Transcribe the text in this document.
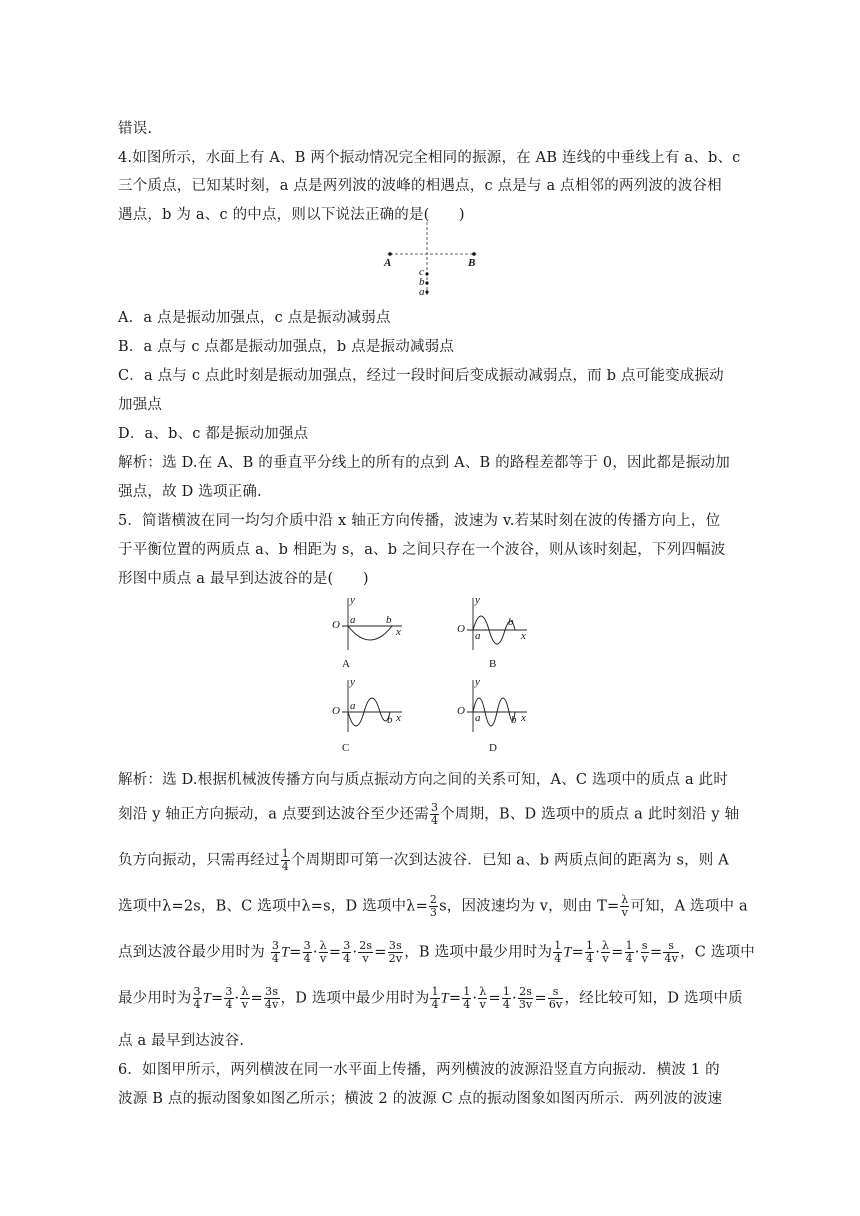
错误.
4.如图所示，水面上有 A、B 两个振动情况完全相同的振源，在 AB 连线的中垂线上有 a、b、c
三个质点，已知某时刻，a 点是两列波的波峰的相遇点，c 点是与 a 点相邻的两列波的波谷相
遇点，b 为 a、c 的中点，则以下说法正确的是(　　)
A	B
c
b
a
A．a 点是振动加强点，c 点是振动减弱点
B．a 点与 c 点都是振动加强点，b 点是振动减弱点
C．a 点与 c 点此时刻是振动加强点，经过一段时间后变成振动减弱点，而 b 点可能变成振动
加强点
D．a、b、c 都是振动加强点
解析：选 D.在 A、B 的垂直平分线上的所有的点到 A、B 的路程差都等于 0，因此都是振动加
强点，故 D 选项正确.
5．简谐横波在同一均匀介质中沿 x 轴正方向传播，波速为 v.若某时刻在波的传播方向上，位
于平衡位置的两质点 a、b 相距为 s，a、b 之间只存在一个波谷，则从该时刻起，下列四幅波
形图中质点 a 最早到达波谷的是(　　)
O
y
x
a	b
A
O
y
x
a
b
B
O
y
x
a
b
C
O
y
x
a	b
D
解析：选 D.根据机械波传播方向与质点振动方向之间的关系可知，A、C 选项中的质点 a 此时
刻沿 y 轴正方向振动，a 点要到达波谷至少还需 $\frac{3}{4}$ 个周期，B、D 选项中的质点 a 此时刻沿 y 轴
负方向振动，只需再经过 $\frac{1}{4}$ 个周期即可第一次到达波谷．已知 a、b 两质点间的距离为 s，则 A
选项中λ=2s，B、C 选项中λ=s，D 选项中$\lambda= \frac{2}{3}$ s，因波速均为 v，则由 $T= \frac{\lambda}{v}$ 可知，A 选项中 a
点到达波谷最少用时为 $\frac{3}{4} T= \frac{3}{4} \cdot \frac{\lambda}{v} = \frac{3}{4} \cdot \frac{2s}{v} = \frac{3s}{2v}$ ，B 选项中最少用时为 $\frac{1}{4} T= \frac{1}{4} \cdot \frac{\lambda}{v} = \frac{1}{4} \cdot \frac{s}{v} = \frac{s}{4v}$ ，C 选项中
最少用时为 $\frac{3}{4} T= \frac{3}{4} \cdot \frac{\lambda}{v} = \frac{3s}{4v}$ ，D 选项中最少用时为 $\frac{1}{4} T= \frac{1}{4} \cdot \frac{\lambda}{v} = \frac{1}{4} \cdot \frac{2s}{3v} = \frac{s}{6v}$ ，经比较可知，D 选项中质
点 a 最早到达波谷.
6．如图甲所示，两列横波在同一水平面上传播，两列横波的波源沿竖直方向振动．横波 1 的
波源 B 点的振动图象如图乙所示；横波 2 的波源 C 点的振动图象如图丙所示．两列波的波速
